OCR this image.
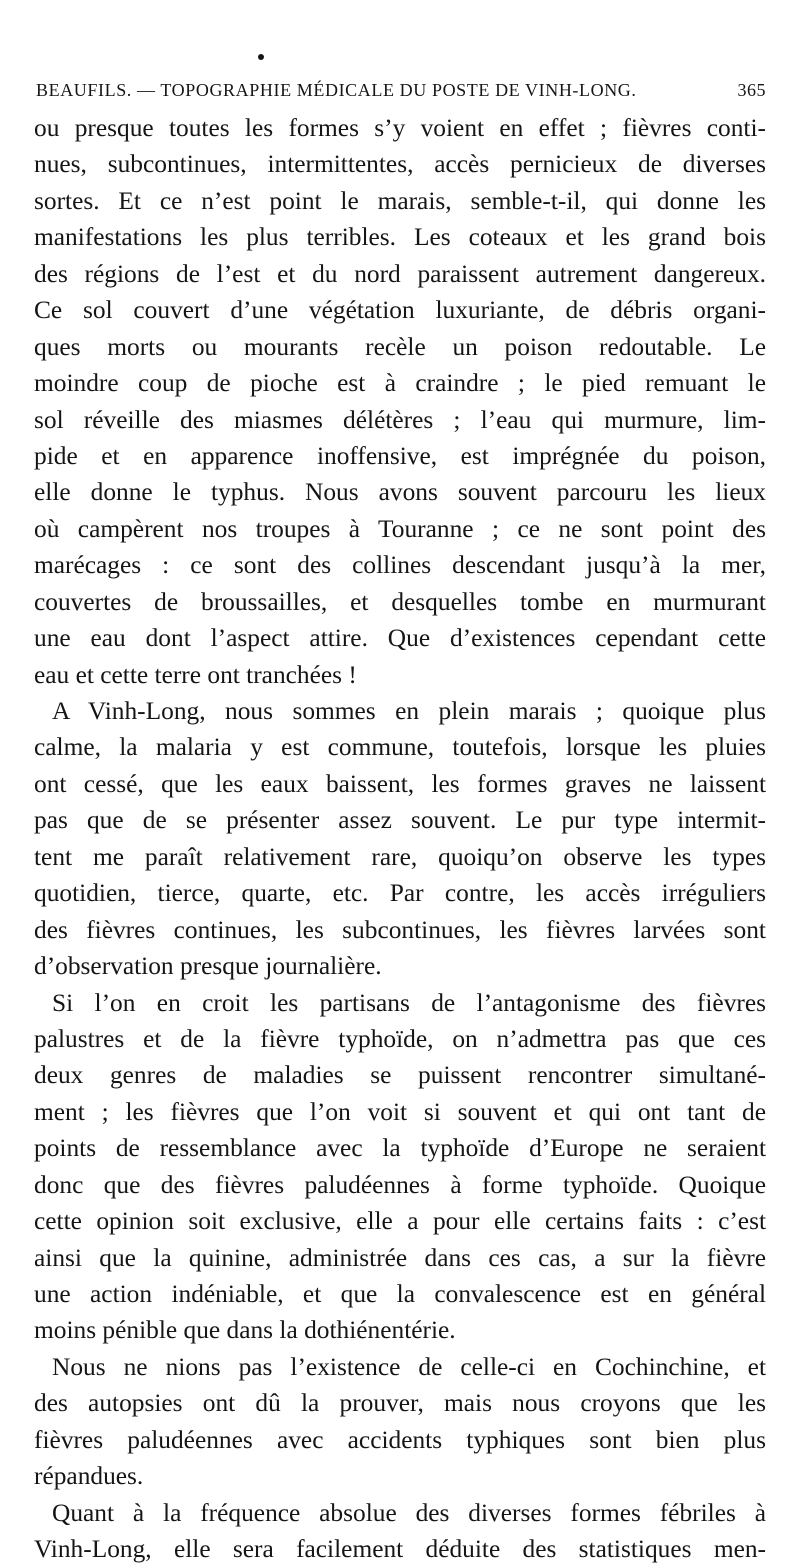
BEAUFILS. — TOPOGRAPHIE MÉDICALE DU POSTE DE VINH-LONG.	365
ou presque toutes les formes s’y voient en effet ; fièvres conti-
nues, subcontinues, intermittentes, accès pernicieux de diverses
sortes. Et ce n’est point le marais, semble-t-il, qui donne les
manifestations les plus terribles. Les coteaux et les grand bois
des régions de l’est et du nord paraissent autrement dangereux.
Ce sol couvert d’une végétation luxuriante, de débris organi-
ques morts ou mourants recèle un poison redoutable. Le
moindre coup de pioche est à craindre ; le pied remuant le
sol réveille des miasmes délétères ; l’eau qui murmure, lim-
pide et en apparence inoffensive, est imprégnée du poison,
elle donne le typhus. Nous avons souvent parcouru les lieux
où campèrent nos troupes à Touranne ; ce ne sont point des
marécages : ce sont des collines descendant jusqu’à la mer,
couvertes de broussailles, et desquelles tombe en murmurant
une eau dont l’aspect attire. Que d’existences cependant cette
eau et cette terre ont tranchées !
A Vinh-Long, nous sommes en plein marais ; quoique plus
calme, la malaria y est commune, toutefois, lorsque les pluies
ont cessé, que les eaux baissent, les formes graves ne laissent
pas que de se présenter assez souvent. Le pur type intermit-
tent me paraît relativement rare, quoiqu’on observe les types
quotidien, tierce, quarte, etc. Par contre, les accès irréguliers
des fièvres continues, les subcontinues, les fièvres larvées sont
d’observation presque journalière.
Si l’on en croit les partisans de l’antagonisme des fièvres
palustres et de la fièvre typhoïde, on n’admettra pas que ces
deux genres de maladies se puissent rencontrer simultané-
ment ; les fièvres que l’on voit si souvent et qui ont tant de
points de ressemblance avec la typhoïde d’Europe ne seraient
donc que des fièvres paludéennes à forme typhoïde. Quoique
cette opinion soit exclusive, elle a pour elle certains faits : c’est
ainsi que la quinine, administrée dans ces cas, a sur la fièvre
une action indéniable, et que la convalescence est en général
moins pénible que dans la dothiénentérie.
Nous ne nions pas l’existence de celle-ci en Cochinchine, et
des autopsies ont dû la prouver, mais nous croyons que les
fièvres paludéennes avec accidents typhiques sont bien plus
répandues.
Quant à la fréquence absolue des diverses formes fébriles à
Vinh-Long, elle sera facilement déduite des statistiques men-
